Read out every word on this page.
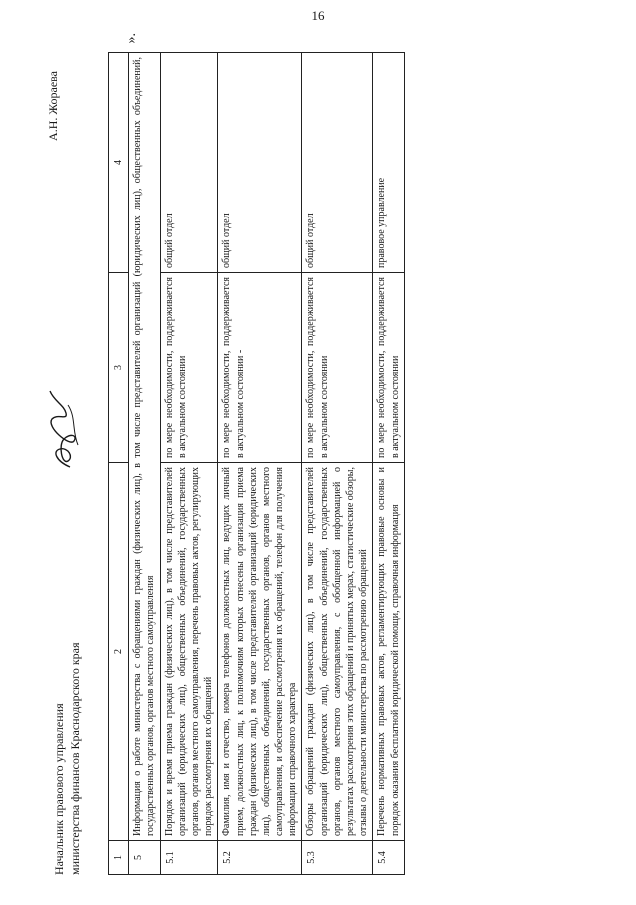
16
Начальник правового управления министерства финансов Краснодарского края
А.Н. Жораева
1	2	3	4
5	Информация о работе министерства с обращениями граждан (физических лиц), в том числе представителей организаций (юридических лиц), общественных объединений, государственных органов, органов местного самоуправления		
5.1	Порядок и время приема граждан (физических лиц), в том числе представителей организаций (юридических лиц), общественных объединений, государственных органов, органов местного самоуправления, перечень правовых актов, регулирующих порядок рассмотрения их обращений	по мере необходимости, поддерживается в актуальном состоянии	общий отдел
5.2	Фамилия, имя и отчество, номера телефонов должностных лиц, ведущих личный прием, должностных лиц, к полномочиям которых отнесены организация приема граждан (физических лиц), в том числе представителей организаций (юридических лиц), общественных объединений, государственных органов, органов местного самоуправления, и обеспечение рассмотрения их обращений, телефон для получения информации справочного характера	по мере необходимости, поддерживается в актуальном состоянии -	общий отдел
5.3	Обзоры обращений граждан (физических лиц), в том числе представителей организаций (юридических лиц), общественных объединений, государственных органов, органов местного самоуправления, с обобщенной информацией о результатах рассмотрения этих обращений и принятых мерах, статистические обзоры, отзывы о деятельности министерства по рассмотрению обращений	по мере необходимости, поддерживается в актуальном состоянии	общий отдел
5.4	Перечень нормативных правовых актов, регламентирующих правовые основы и порядок оказания бесплатной юридической помощи, справочная информация	по мере необходимости, поддерживается в актуальном состоянии	правовое управление
».
